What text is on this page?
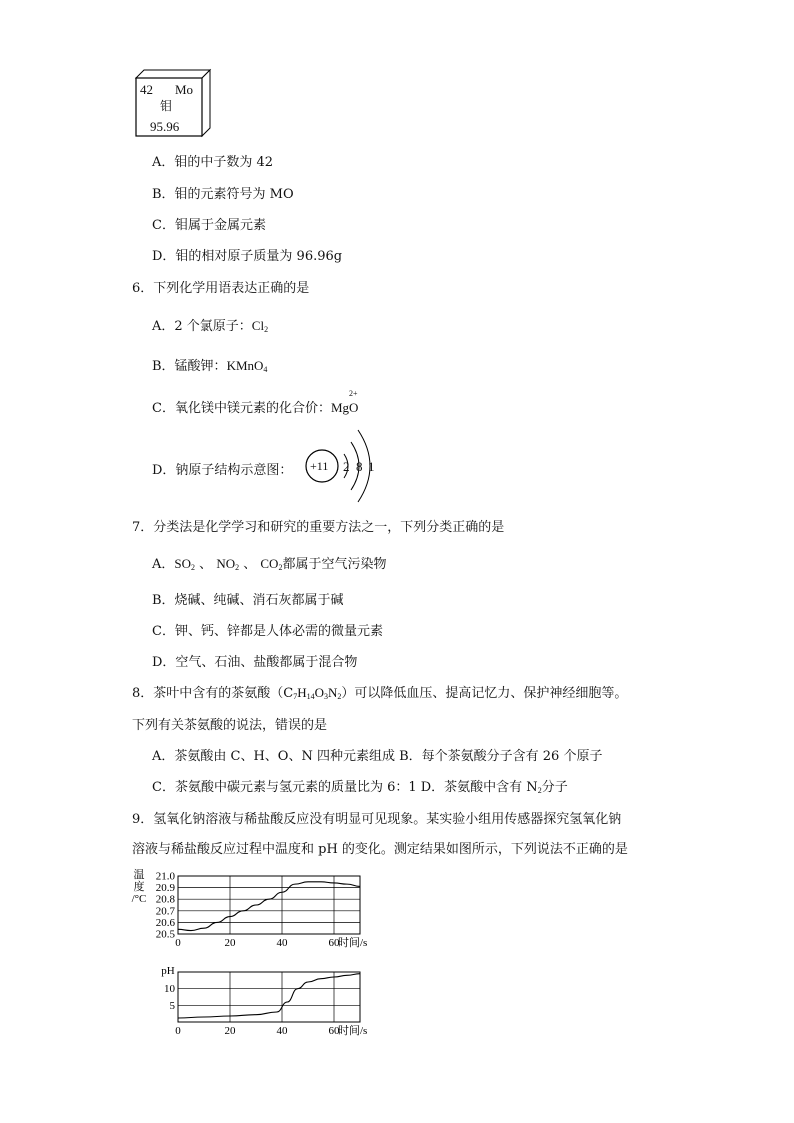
42 Mo
钼
95.96
A．钼的中子数为 42
B．钼的元素符号为 MO
C．钼属于金属元素
D．钼的相对原子质量为 96.96g
6．下列化学用语表达正确的是
A．2 个氯原子：$Cl_2$
B．锰酸钾：KMnO$_4$
C．氧化镁中镁元素的化合价：MgO
2+
D．钠原子结构示意图： +11 2 8 1
7．分类法是化学学习和研究的重要方法之一，下列分类正确的是
A．$SO_2$ 、 $NO_2$ 、 $CO_2$都属于空气污染物
B．烧碱、纯碱、消石灰都属于碱
C．钾、钙、锌都是人体必需的微量元素
D．空气、石油、盐酸都属于混合物
8．茶叶中含有的茶氨酸$(C_7H_{14}O_3N_2)$可以降低血压、提高记忆力、保护神经细胞等。
下列有关茶氨酸的说法，错误的是
A．茶氨酸由 C、H、O、N 四种元素组成 B．每个茶氨酸分子含有 26 个原子
C．茶氨酸中碳元素与氢元素的质量比为 6：1 D．茶氨酸中含有 $N_2$分子
9．氢氧化钠溶液与稀盐酸反应没有明显可见现象。某实验小组用传感器探究氢氧化钠
溶液与稀盐酸反应过程中温度和 pH 的变化。测定结果如图所示，下列说法不正确的是
21.0
20.9
20.8
20.7
20.6
20.5
0	20	40	60
时间/s
温
度
/°C
10
5
0	20	40	60
时间/s
pH
